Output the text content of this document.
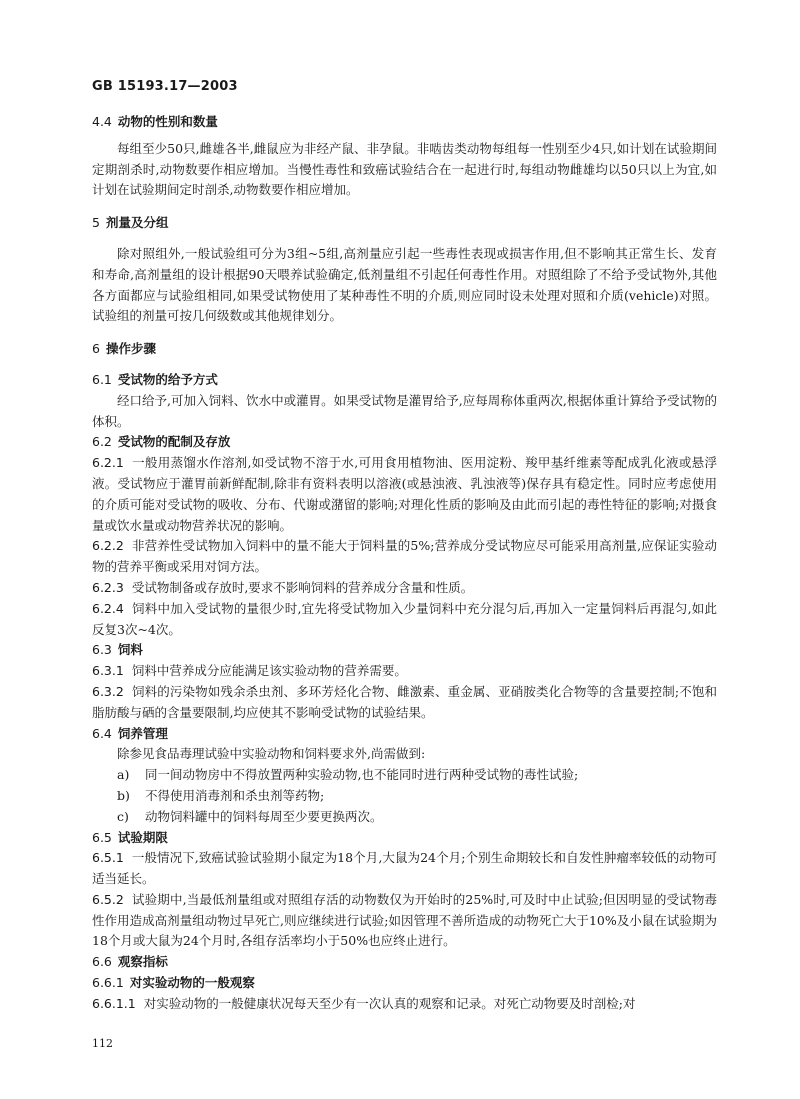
GB 15193.17—2003
4.4 动物的性别和数量
每组至少50只,雌雄各半,雌鼠应为非经产鼠、非孕鼠。非啮齿类动物每组每一性别至少4只,如计划在试验期间定期剖杀时,动物数要作相应增加。当慢性毒性和致癌试验结合在一起进行时,每组动物雌雄均以50只以上为宜,如计划在试验期间定时剖杀,动物数要作相应增加。
5 剂量及分组
除对照组外,一般试验组可分为3组~5组,高剂量应引起一些毒性表现或损害作用,但不影响其正常生长、发育和寿命,高剂量组的设计根据90天喂养试验确定,低剂量组不引起任何毒性作用。对照组除了不给予受试物外,其他各方面都应与试验组相同,如果受试物使用了某种毒性不明的介质,则应同时设未处理对照和介质(vehicle)对照。试验组的剂量可按几何级数或其他规律划分。
6 操作步骤
6.1 受试物的给予方式
经口给予,可加入饲料、饮水中或灌胃。如果受试物是灌胃给予,应每周称体重两次,根据体重计算给予受试物的体积。
6.2 受试物的配制及存放
6.2.1 一般用蒸馏水作溶剂,如受试物不溶于水,可用食用植物油、医用淀粉、羧甲基纤维素等配成乳化液或悬浮液。受试物应于灌胃前新鲜配制,除非有资料表明以溶液(或悬浊液、乳浊液等)保存具有稳定性。同时应考虑使用的介质可能对受试物的吸收、分布、代谢或潴留的影响;对理化性质的影响及由此而引起的毒性特征的影响;对摄食量或饮水量或动物营养状况的影响。
6.2.2 非营养性受试物加入饲料中的量不能大于饲料量的5%;营养成分受试物应尽可能采用高剂量,应保证实验动物的营养平衡或采用对饲方法。
6.2.3 受试物制备或存放时,要求不影响饲料的营养成分含量和性质。
6.2.4 饲料中加入受试物的量很少时,宜先将受试物加入少量饲料中充分混匀后,再加入一定量饲料后再混匀,如此反复3次~4次。
6.3 饲料
6.3.1 饲料中营养成分应能满足该实验动物的营养需要。
6.3.2 饲料的污染物如残余杀虫剂、多环芳烃化合物、雌激素、重金属、亚硝胺类化合物等的含量要控制;不饱和脂肪酸与硒的含量要限制,均应使其不影响受试物的试验结果。
6.4 饲养管理
除参见食品毒理试验中实验动物和饲料要求外,尚需做到:
a) 同一间动物房中不得放置两种实验动物,也不能同时进行两种受试物的毒性试验;
b) 不得使用消毒剂和杀虫剂等药物;
c) 动物饲料罐中的饲料每周至少要更换两次。
6.5 试验期限
6.5.1 一般情况下,致癌试验试验期小鼠定为18个月,大鼠为24个月;个别生命期较长和自发性肿瘤率较低的动物可适当延长。
6.5.2 试验期中,当最低剂量组或对照组存活的动物数仅为开始时的25%时,可及时中止试验;但因明显的受试物毒性作用造成高剂量组动物过早死亡,则应继续进行试验;如因管理不善所造成的动物死亡大于10%及小鼠在试验期为18个月或大鼠为24个月时,各组存活率均小于50%也应终止进行。
6.6 观察指标
6.6.1 对实验动物的一般观察
6.6.1.1 对实验动物的一般健康状况每天至少有一次认真的观察和记录。对死亡动物要及时剖检;对
112
